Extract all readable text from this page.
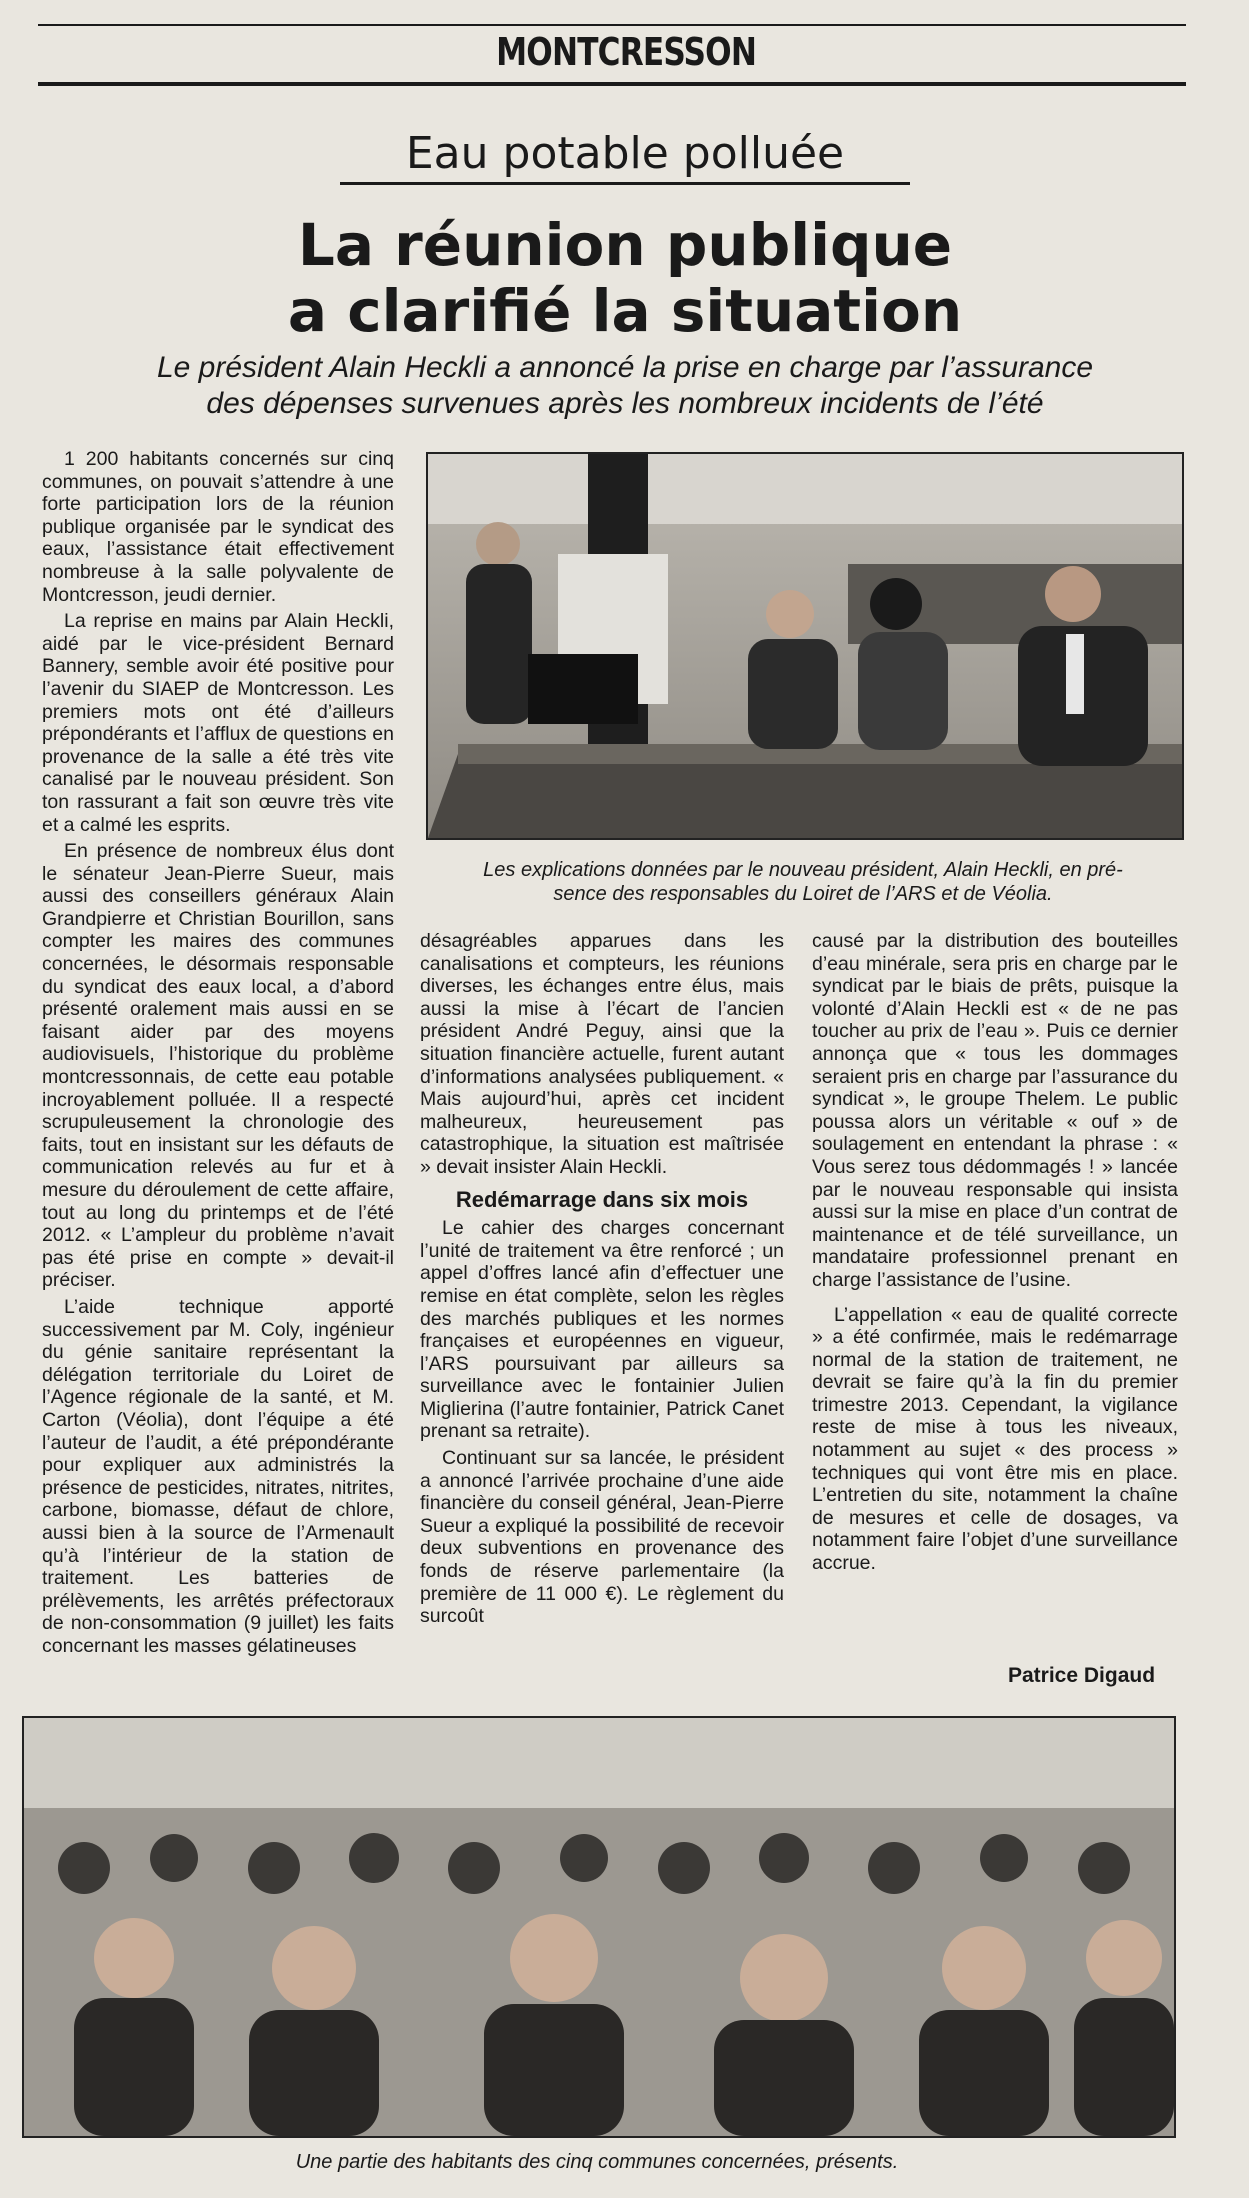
MONTCRESSON
Eau potable polluée
La réunion publique
a clarifié la situation
Le président Alain Heckli a annoncé la prise en charge par l’assurance
des dépenses survenues après les nombreux incidents de l’été

1 200 habitants concernés sur cinq communes, on pouvait s’attendre à une forte participation lors de la réunion publique organisée par le syndicat des eaux, l’assistance était effectivement nombreuse à la salle polyvalente de Montcresson, jeudi dernier.

La reprise en mains par Alain Heckli, aidé par le vice-président Bernard Bannery, semble avoir été positive pour l’avenir du SIAEP de Montcresson. Les premiers mots ont été d’ailleurs prépondérants et l’afflux de questions en provenance de la salle a été très vite canalisé par le nouveau président. Son ton rassurant a fait son œuvre très vite et a calmé les esprits.

En présence de nombreux élus dont le sénateur Jean-Pierre Sueur, mais aussi des conseillers généraux Alain Grandpierre et Christian Bourillon, sans compter les maires des communes concernées, le désormais responsable du syndicat des eaux local, a d’abord présenté oralement mais aussi en se faisant aider par des moyens audiovisuels, l’historique du problème montcressonnais, de cette eau potable incroyablement polluée. Il a respecté scrupuleusement la chronologie des faits, tout en insistant sur les défauts de communication relevés au fur et à mesure du déroulement de cette affaire, tout au long du printemps et de l’été 2012. « L’ampleur du problème n’avait pas été prise en compte » devait-il préciser.

L’aide technique apporté successivement par M. Coly, ingénieur du génie sanitaire représentant la délégation territoriale du Loiret de l’Agence régionale de la santé, et M. Carton (Véolia), dont l’équipe a été l’auteur de l’audit, a été prépondérante pour expliquer aux administrés la présence de pesticides, nitrates, nitrites, carbone, biomasse, défaut de chlore, aussi bien à la source de l’Armenault qu’à l’intérieur de la station de traitement. Les batteries de prélèvements, les arrêtés préfectoraux de non-consommation (9 juillet) les faits concernant les masses gélatineuses

Les explications données par le nouveau président, Alain Heckli, en pré-
sence des responsables du Loiret de l’ARS et de Véolia.

désagréables apparues dans les canalisations et compteurs, les réunions diverses, les échanges entre élus, mais aussi la mise à l’écart de l’ancien président André Peguy, ainsi que la situation financière actuelle, furent autant d’informations analysées publiquement. « Mais aujourd’hui, après cet incident malheureux, heureusement pas catastrophique, la situation est maîtrisée » devait insister Alain Heckli.

Redémarrage dans six mois

Le cahier des charges concernant l’unité de traitement va être renforcé ; un appel d’offres lancé afin d’effectuer une remise en état complète, selon les règles des marchés publiques et les normes françaises et européennes en vigueur, l’ARS poursuivant par ailleurs sa surveillance avec le fontainier Julien Miglierina (l’autre fontainier, Patrick Canet prenant sa retraite).

Continuant sur sa lancée, le président a annoncé l’arrivée prochaine d’une aide financière du conseil général, Jean-Pierre Sueur a expliqué la possibilité de recevoir deux subventions en provenance des fonds de réserve parlementaire (la première de 11 000 €). Le règlement du surcoût

causé par la distribution des bouteilles d’eau minérale, sera pris en charge par le syndicat par le biais de prêts, puisque la volonté d’Alain Heckli est « de ne pas toucher au prix de l’eau ». Puis ce dernier annonça que « tous les dommages seraient pris en charge par l’assurance du syndicat », le groupe Thelem. Le public poussa alors un véritable « ouf » de soulagement en entendant la phrase : « Vous serez tous dédommagés ! » lancée par le nouveau responsable qui insista aussi sur la mise en place d’un contrat de maintenance et de télé surveillance, un mandataire professionnel prenant en charge l’assistance de l’usine.

L’appellation « eau de qualité correcte » a été confirmée, mais le redémarrage normal de la station de traitement, ne devrait se faire qu’à la fin du premier trimestre 2013. Cependant, la vigilance reste de mise à tous les niveaux, notamment au sujet « des process » techniques qui vont être mis en place. L’entretien du site, notamment la chaîne de mesures et celle de dosages, va notamment faire l’objet d’une surveillance accrue.

Patrice Digaud
Une partie des habitants des cinq communes concernées, présents.
